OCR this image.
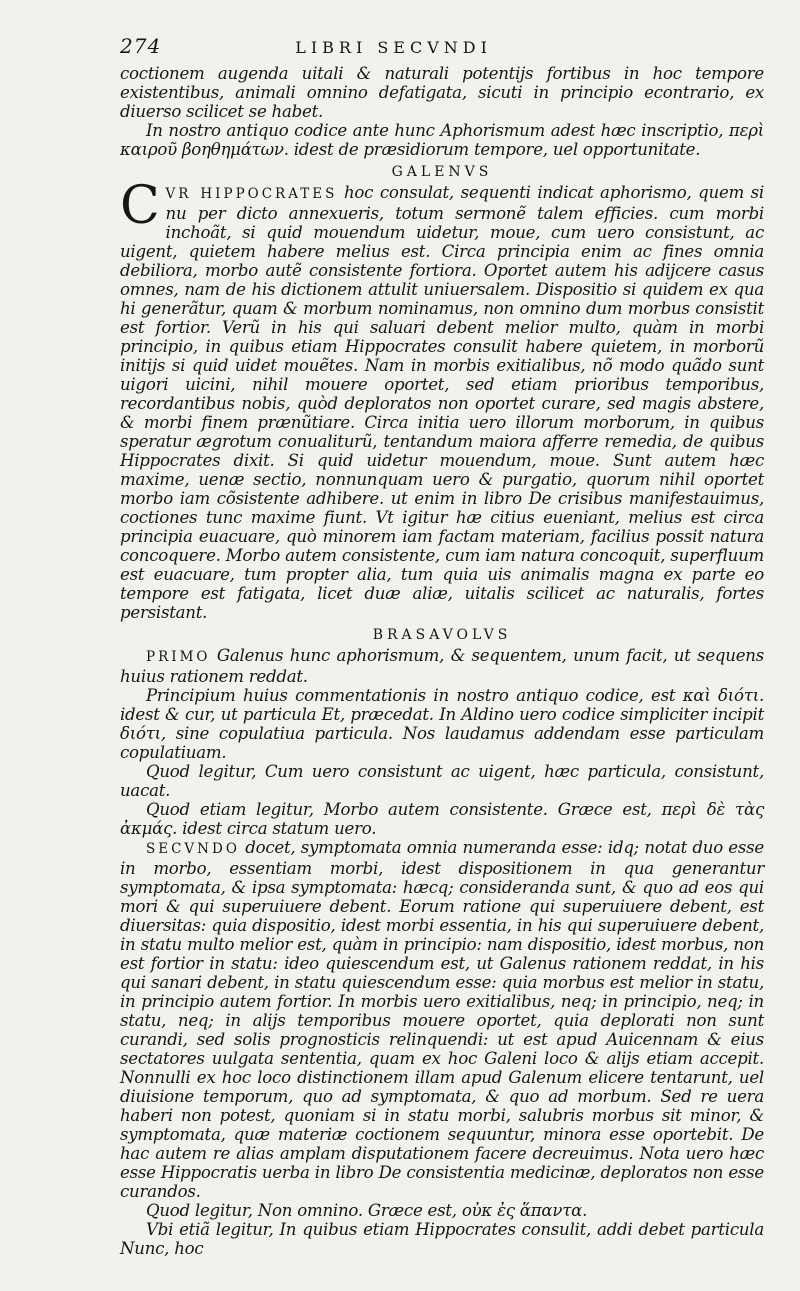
274	LIBRI SECVNDI

coctionem augenda uitali & naturali potentijs fortibus in hoc tempore existentibus, animali omnino defatigata, sicuti in principio econtrario, ex diuerso scilicet se habet.

In nostro antiquo codice ante hunc Aphorismum adest hæc inscriptio, περὶ καιροῦ βοηθημάτων. idest de præsidiorum tempore, uel opportunitate.

GALENVS

C VR HIPPOCRATES hoc consulat, sequenti indicat aphorismo, quem si nu per dicto annexueris, totum sermonẽ talem efficies. cum morbi inchoãt, si quid mouendum uidetur, moue, cum uero consistunt, ac uigent, quietem habere melius est. Circa principia enim ac fines omnia debiliora, morbo autẽ consistente fortiora. Oportet autem his adijcere casus omnes, nam de his dictionem attulit uniuersalem. Dispositio si quidem ex qua hi generãtur, quam & morbum nominamus, non omnino dum morbus consistit est fortior. Verũ in his qui saluari debent melior multo, quàm in morbi principio, in quibus etiam Hippocrates consulit habere quietem, in morborũ initijs si quid uidet mouẽtes. Nam in morbis exitialibus, nõ modo quãdo sunt uigori uicini, nihil mouere oportet, sed etiam prioribus temporibus, recordantibus nobis, quòd deploratos non oportet curare, sed magis abstere, & morbi finem prænũtiare. Circa initia uero illorum morborum, in quibus speratur ægrotum conualiturũ, tentandum maiora afferre remedia, de quibus Hippocrates dixit. Si quid uidetur mouendum, moue. Sunt autem hæc maxime, uenæ sectio, nonnunquam uero & purgatio, quorum nihil oportet morbo iam cõsistente adhibere. ut enim in libro De crisibus manifestauimus, coctiones tunc maxime fiunt. Vt igitur hæ citius eueniant, melius est circa principia euacuare, quò minorem iam factam materiam, facilius possit natura concoquere. Morbo autem consistente, cum iam natura concoquit, superfluum est euacuare, tum propter alia, tum quia uis animalis magna ex parte eo tempore est fatigata, licet duæ aliæ, uitalis scilicet ac naturalis, fortes persistant.

BRASAVOLVS

PRIMO Galenus hunc aphorismum, & sequentem, unum facit, ut sequens huius rationem reddat.

Principium huius commentationis in nostro antiquo codice, est καὶ διότι. idest & cur, ut particula Et, præcedat. In Aldino uero codice simpliciter incipit διότι, sine copulatiua particula. Nos laudamus addendam esse particulam copulatiuam.

Quod legitur, Cum uero consistunt ac uigent, hæc particula, consistunt, uacat.

Quod etiam legitur, Morbo autem consistente. Græce est, περὶ δὲ τὰς ἀκμάς. idest circa statum uero.

SECVNDO docet, symptomata omnia numeranda esse: idq; notat duo esse in morbo, essentiam morbi, idest dispositionem in qua generantur symptomata, & ipsa symptomata: hæcq; consideranda sunt, & quo ad eos qui mori & qui superuiuere debent. Eorum ratione qui superuiuere debent, est diuersitas: quia dispositio, idest morbi essentia, in his qui superuiuere debent, in statu multo melior est, quàm in principio: nam dispositio, idest morbus, non est fortior in statu: ideo quiescendum est, ut Galenus rationem reddat, in his qui sanari debent, in statu quiescendum esse: quia morbus est melior in statu, in principio autem fortior. In morbis uero exitialibus, neq; in principio, neq; in statu, neq; in alijs temporibus mouere oportet, quia deplorati non sunt curandi, sed solis prognosticis relinquendi: ut est apud Auicennam & eius sectatores uulgata sententia, quam ex hoc Galeni loco & alijs etiam accepit. Nonnulli ex hoc loco distinctionem illam apud Galenum elicere tentarunt, uel diuisione temporum, quo ad symptomata, & quo ad morbum. Sed re uera haberi non potest, quoniam si in statu morbi, salubris morbus sit minor, & symptomata, quæ materiæ coctionem sequuntur, minora esse oportebit. De hac autem re alias amplam disputationem facere decreuimus. Nota uero hæc esse Hippocratis uerba in libro De consistentia medicinæ, deploratos non esse curandos.

Quod legitur, Non omnino. Græce est, οὐκ ἐς ἅπαντα.

Vbi etiã legitur, In quibus etiam Hippocrates consulit, addi debet particula Nunc, hoc
